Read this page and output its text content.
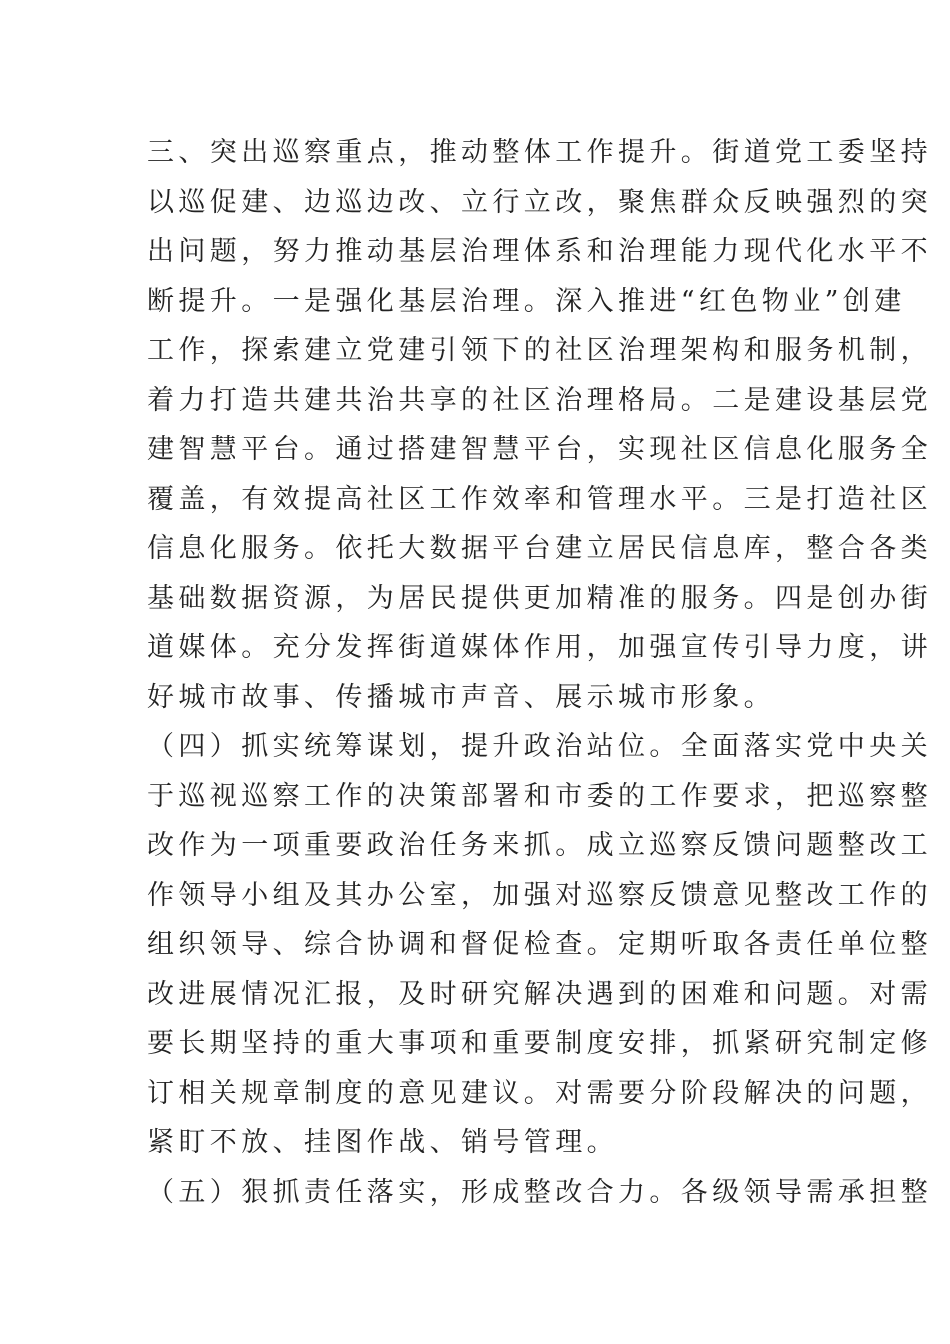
三、突出巡察重点，推动整体工作提升。街道党工委坚持
以巡促建、边巡边改、立行立改，聚焦群众反映强烈的突
出问题，努力推动基层治理体系和治理能力现代化水平不
断提升。一是强化基层治理。深入推进“红色物业”创建
工作，探索建立党建引领下的社区治理架构和服务机制，
着力打造共建共治共享的社区治理格局。二是建设基层党
建智慧平台。通过搭建智慧平台，实现社区信息化服务全
覆盖，有效提高社区工作效率和管理水平。三是打造社区
信息化服务。依托大数据平台建立居民信息库，整合各类
基础数据资源，为居民提供更加精准的服务。四是创办街
道媒体。充分发挥街道媒体作用，加强宣传引导力度，讲
好城市故事、传播城市声音、展示城市形象。
（四）抓实统筹谋划，提升政治站位。全面落实党中央关
于巡视巡察工作的决策部署和市委的工作要求，把巡察整
改作为一项重要政治任务来抓。成立巡察反馈问题整改工
作领导小组及其办公室，加强对巡察反馈意见整改工作的
组织领导、综合协调和督促检查。定期听取各责任单位整
改进展情况汇报，及时研究解决遇到的困难和问题。对需
要长期坚持的重大事项和重要制度安排，抓紧研究制定修
订相关规章制度的意见建议。对需要分阶段解决的问题，
紧盯不放、挂图作战、销号管理。
（五）狠抓责任落实，形成整改合力。各级领导需承担整
